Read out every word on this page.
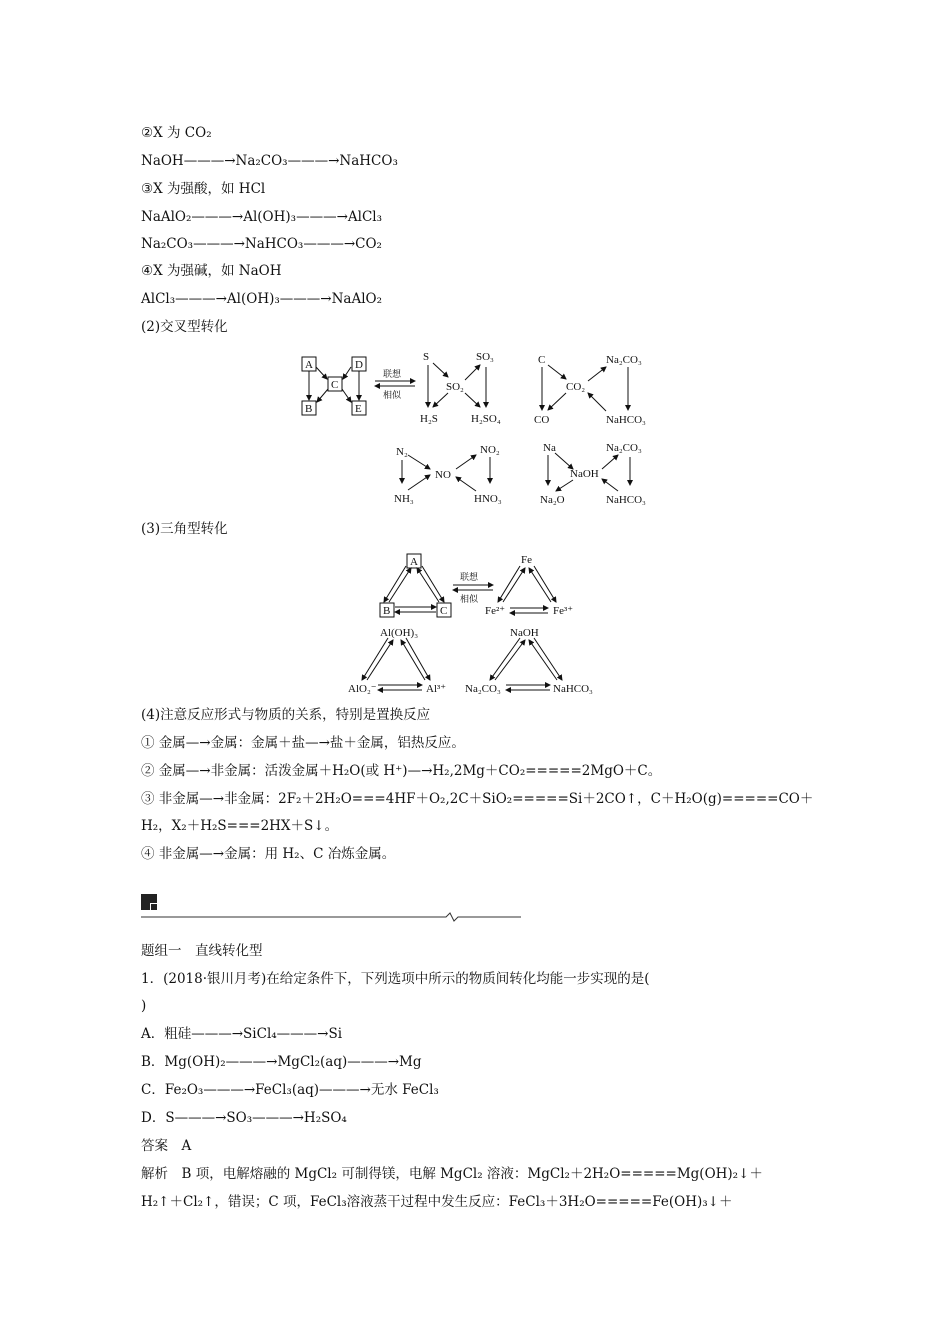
②X 为 CO₂
NaOH———→Na₂CO₃———→NaHCO₃
③X 为强酸，如 HCl
NaAlO₂———→Al(OH)₃———→AlCl₃
Na₂CO₃———→NaHCO₃———→CO₂
④X 为强碱，如 NaOH
AlCl₃———→Al(OH)₃———→NaAlO₂
(2)交叉型转化
A
B
C
D
E
联想
相似
S	SO₃
SO₂
H₂S	H₂SO₄
C	Na₂CO₃
CO₂
CO	NaHCO₃
N₂	NO₂
NO
NH₃	HNO₃
Na	Na₂CO₃
NaOH
Na₂O	NaHCO₃
(3)三角型转化
A
B	C
联想
相似
Fe
Fe²⁺	Fe³⁺
Al(OH)₃
AlO₂⁻	Al³⁺
NaOH
Na₂CO₃	NaHCO₃
(4)注意反应形式与物质的关系，特别是置换反应
① 金属—→金属：金属＋盐—→盐＋金属，铝热反应。
② 金属—→非金属：活泼金属＋H₂O(或 H⁺)—→H₂,2Mg＋CO₂=====2MgO＋C。
③ 非金属—→非金属：2F₂＋2H₂O===4HF＋O₂,2C＋SiO₂=====Si＋2CO↑，C＋H₂O(g)=====CO＋
H₂，X₂＋H₂S===2HX＋S↓。
④ 非金属—→金属：用 H₂、C 冶炼金属。
题组一　直线转化型
1．(2018·银川月考)在给定条件下，下列选项中所示的物质间转化均能一步实现的是(
)
A．粗硅———→SiCl₄———→Si
B．Mg(OH)₂———→MgCl₂(aq)———→Mg
C．Fe₂O₃———→FeCl₃(aq)———→无水 FeCl₃
D．S———→SO₃———→H₂SO₄
答案　A
解析　B 项，电解熔融的 MgCl₂ 可制得镁，电解 MgCl₂ 溶液：MgCl₂＋2H₂O=====Mg(OH)₂↓＋
H₂↑＋Cl₂↑，错误；C 项，FeCl₃溶液蒸干过程中发生反应：FeCl₃＋3H₂O=====Fe(OH)₃↓＋
